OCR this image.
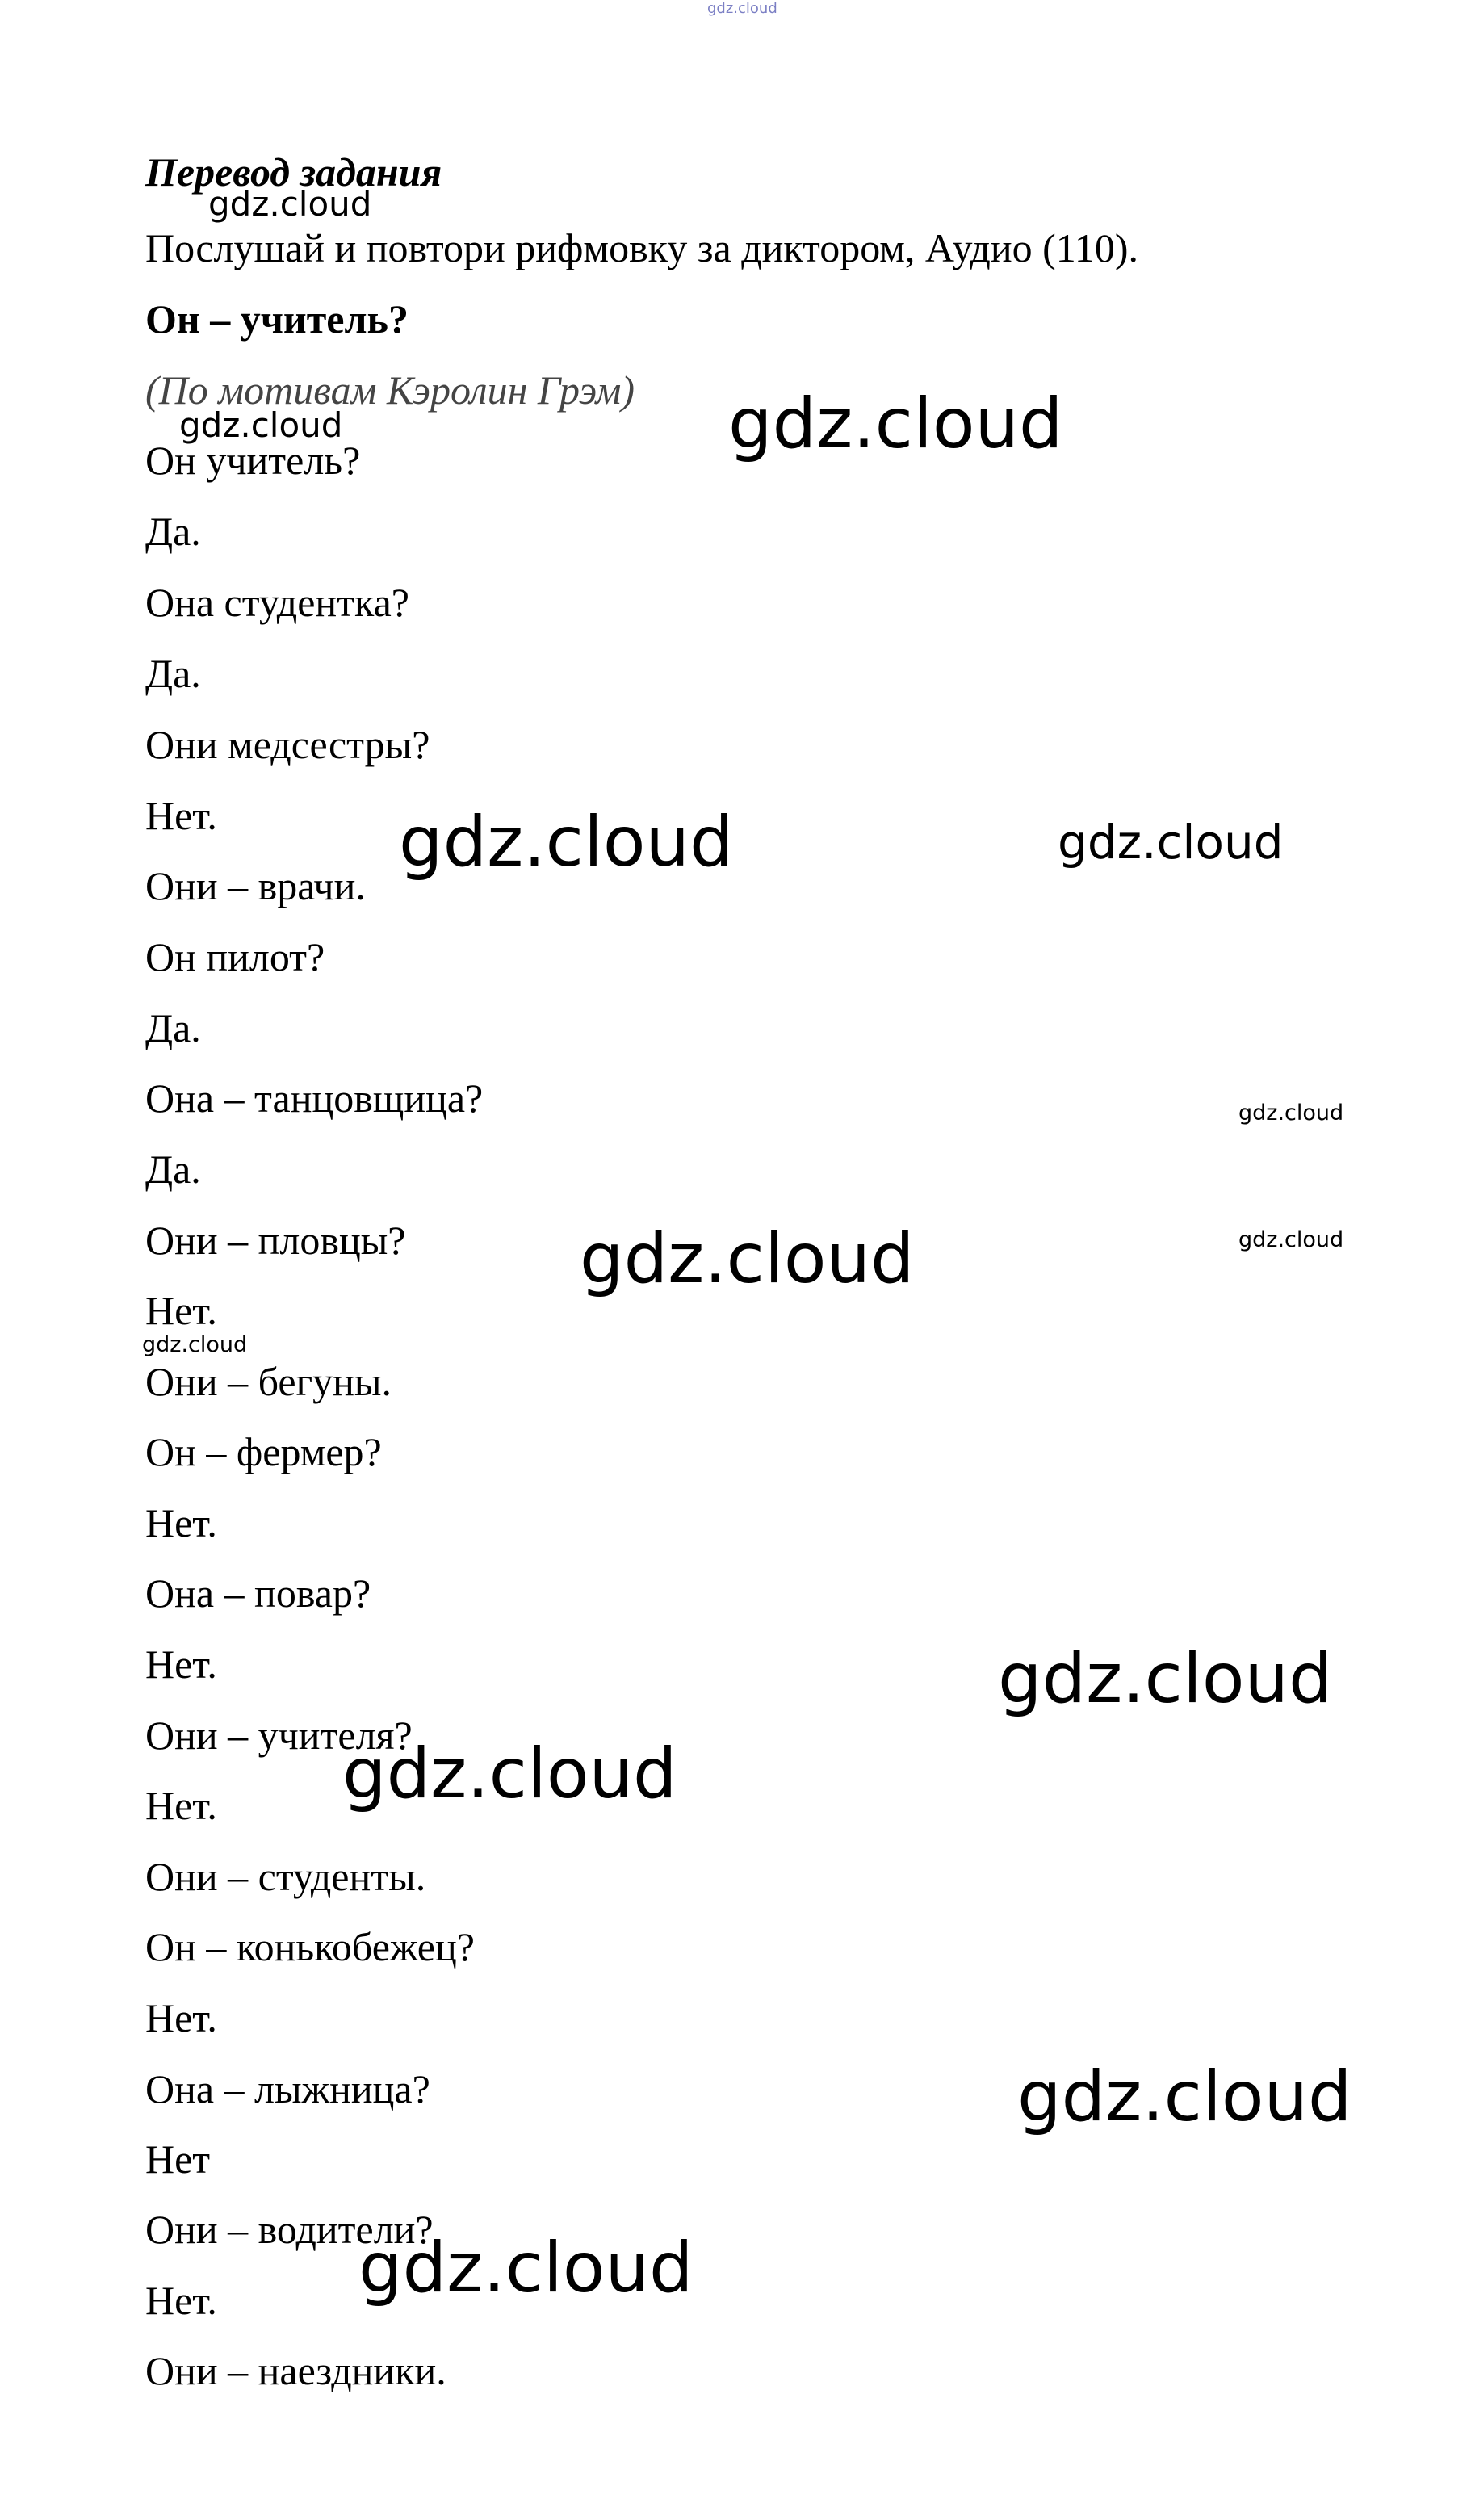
gdz.cloud

Перевод задания

Послушай и повтори рифмовку за диктором, Аудио (110).

Он – учитель?

(По мотивам Кэролин Грэм)

Он учитель?

Да.

Она студентка?

Да.

Они медсестры?

Нет.

Они – врачи.

Он пилот?

Да.

Она – танцовщица?

Да.

Они – пловцы?

Нет.

Они – бегуны.

Он – фермер?

Нет.

Она – повар?

Нет.

Они – учителя?

Нет.

Они – студенты.

Он – конькобежец?

Нет.

Она – лыжница?

Нет

Они – водители?

Нет.

Они – наездники.

gdz.cloud
gdz.cloud	gdz.cloud
gdz.cloud	gdz.cloud
gdz.cloud
gdz.cloud
gdz.cloud
gdz.cloud
gdz.cloud
gdz.cloud
gdz.cloud
gdz.cloud
